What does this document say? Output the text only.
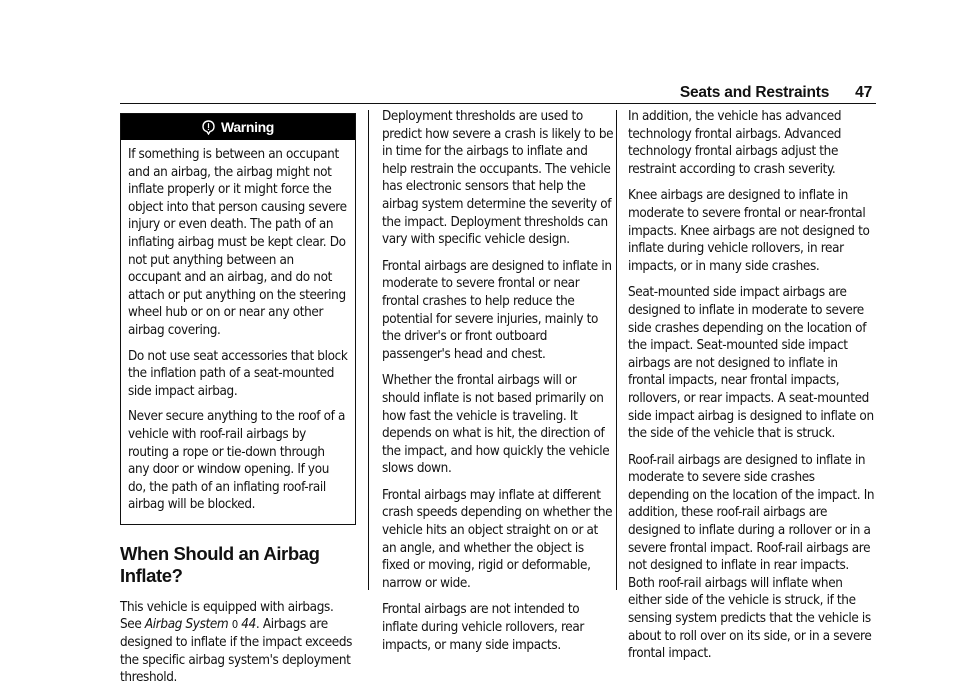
Seats and Restraints 47
Warning

If something is between an occupant and an airbag, the airbag might not inflate properly or it might force the object into that person causing severe injury or even death. The path of an inflating airbag must be kept clear. Do not put anything between an occupant and an airbag, and do not attach or put anything on the steering wheel hub or on or near any other airbag covering.

Do not use seat accessories that block the inflation path of a seat-mounted side impact airbag.

Never secure anything to the roof of a vehicle with roof-rail airbags by routing a rope or tie-down through any door or window opening. If you do, the path of an inflating roof-rail airbag will be blocked.

When Should an Airbag Inflate?

This vehicle is equipped with airbags. See Airbag System 0 44. Airbags are designed to inflate if the impact exceeds the specific airbag system's deployment threshold.

Deployment thresholds are used to predict how severe a crash is likely to be in time for the airbags to inflate and help restrain the occupants. The vehicle has electronic sensors that help the airbag system determine the severity of the impact. Deployment thresholds can vary with specific vehicle design.

Frontal airbags are designed to inflate in moderate to severe frontal or near frontal crashes to help reduce the potential for severe injuries, mainly to the driver's or front outboard passenger's head and chest.

Whether the frontal airbags will or should inflate is not based primarily on how fast the vehicle is traveling. It depends on what is hit, the direction of the impact, and how quickly the vehicle slows down.

Frontal airbags may inflate at different crash speeds depending on whether the vehicle hits an object straight on or at an angle, and whether the object is fixed or moving, rigid or deformable, narrow or wide.

Frontal airbags are not intended to inflate during vehicle rollovers, rear impacts, or many side impacts.

In addition, the vehicle has advanced technology frontal airbags. Advanced technology frontal airbags adjust the restraint according to crash severity.

Knee airbags are designed to inflate in moderate to severe frontal or near-frontal impacts. Knee airbags are not designed to inflate during vehicle rollovers, in rear impacts, or in many side crashes.

Seat-mounted side impact airbags are designed to inflate in moderate to severe side crashes depending on the location of the impact. Seat-mounted side impact airbags are not designed to inflate in frontal impacts, near frontal impacts, rollovers, or rear impacts. A seat-mounted side impact airbag is designed to inflate on the side of the vehicle that is struck.

Roof-rail airbags are designed to inflate in moderate to severe side crashes depending on the location of the impact. In addition, these roof-rail airbags are designed to inflate during a rollover or in a severe frontal impact. Roof-rail airbags are not designed to inflate in rear impacts. Both roof-rail airbags will inflate when either side of the vehicle is struck, if the sensing system predicts that the vehicle is about to roll over on its side, or in a severe frontal impact.
